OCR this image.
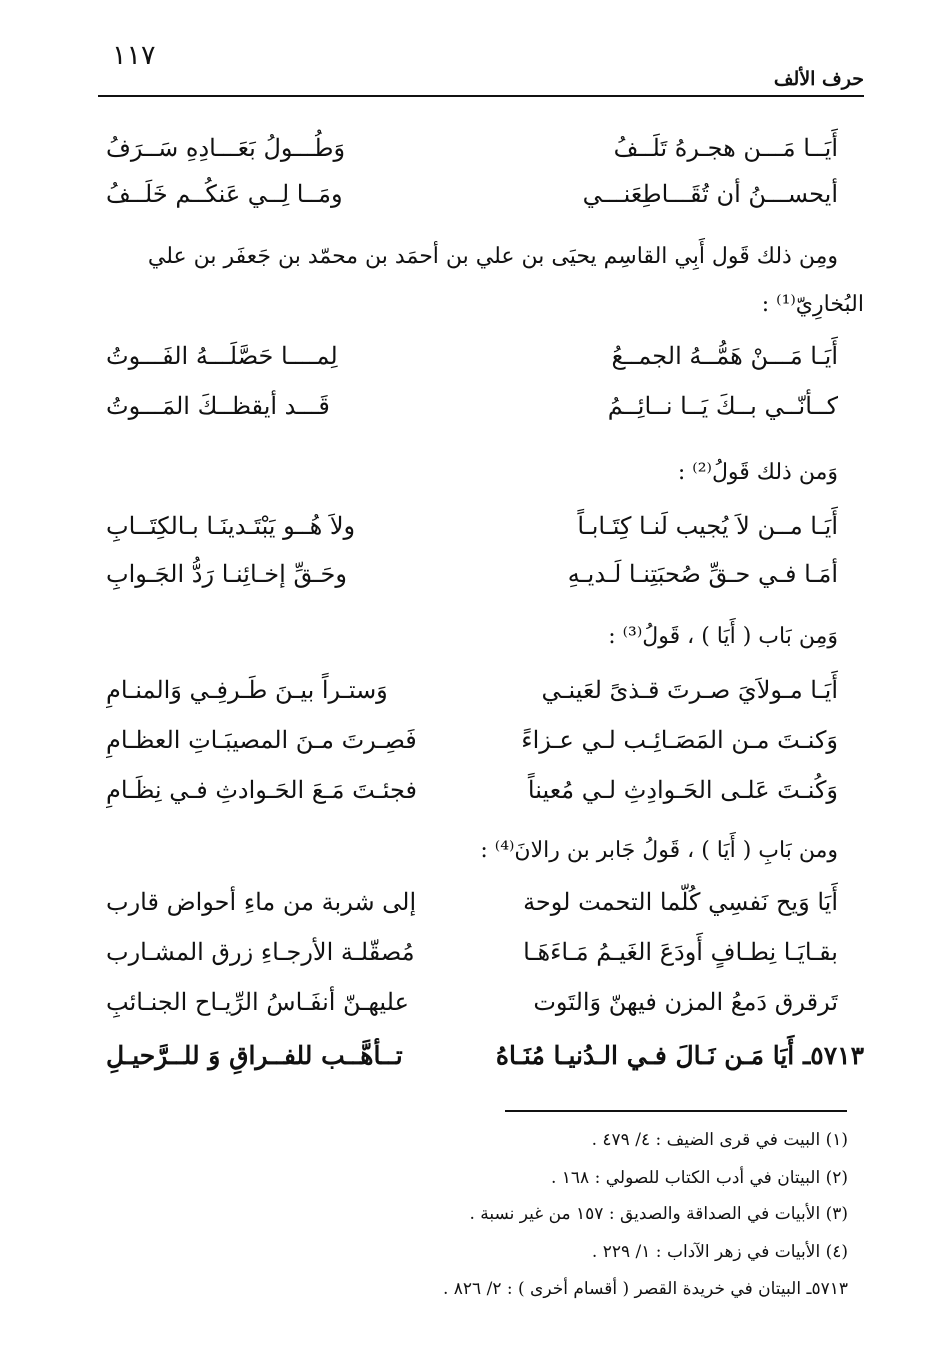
١١٧
حرف الألف
أَيَــا مَـــن هجـرهُ تَلَــفُ
وَطُـــولُ بَعَـــادِهِ سَــرَفُ
أيحســـنُ أن تُقَـــاطِعَنـــي
ومَــا لِــي عَنكُــم خَلَــفُ
ومِن ذلك قَول أَبِي القاسِم يحيَى بن علي بن أحمَد بن محمّد بن جَعفَر بن علي
البُخارِيّ⁽¹⁾ :
أَيَـا مَـــنْ هَمُّــهُ الجمــعُ
لِمــــا حَصَّلَـــهُ الفَـــوتُ
كــأنّــي بــكَ يَــا نــائِــمُ
قَـــد أيقظــكَ المَـــوتُ
وَمن ذلك قَولُ⁽²⁾ :
أَيَـا مــن لاَ يُجيب لَنـا كِتَـابـاً
ولاَ هُــو يَبْتَـدينَـا بـالكِتَــابِ
أمَـا فـي حـقِّ صُحبَتِنـا لَـديـهِ
وحَـقِّ إخـائِنـا رَدُّ الجَـوابِ
وَمِن بَاب ( أَيَا ) ، قَولُ⁽³⁾ :
أَيَـا مـولاَيَ صـرتَ قـذىً لعَينـي
وَستـراً بيـنَ طَـرفِـي وَالمنـامِ
وَكنـتَ مـن المَصَـائِـب لـي عـزاءً
فَصِـرتَ مـنَ المصيبَـاتِ العظـامِ
وَكُنـتَ عَلـى الحَـوادِثِ لـي مُعيناً
فجئـتَ مَـعَ الحَـوادثِ فـي نِظَـامِ
ومن بَابِ ( أَيَا ) ، قَولُ جَابر بن رالانَ⁽⁴⁾ :
أَيَا وَيح نَفسِي كُلّما التحمت لوحة
إلى شربة من ماءِ أحواض قارب
بقـايَـا نِطـافٍ أَودَعَ الغَيـمُ مَـاءَهَـا
مُصقّلـة الأرجـاءِ زرق المشـارب
تَرقرق دَمعُ المزن فيهنّ وَالتَوت
عليهـنّ أنفَـاسُ الرِّيـاح الجنـائبِ
٥٧١٣ـ أَيَا مَـن نَـالَ فـي الـدُنيـا مُنَـاهُ
تــأهَّــب للفــراقِ وَ للــرَّحيـلِ
(١) البيت في قرى الضيف : ٤/ ٤٧٩ .
(٢) البيتان في أدب الكتاب للصولي : ١٦٨ .
(٣) الأبيات في الصداقة والصديق : ١٥٧ من غير نسبة .
(٤) الأبيات في زهر الآداب : ١/ ٢٢٩ .
٥٧١٣ـ البيتان في خريدة القصر ( أقسام أخرى ) : ٢/ ٨٢٦ .
